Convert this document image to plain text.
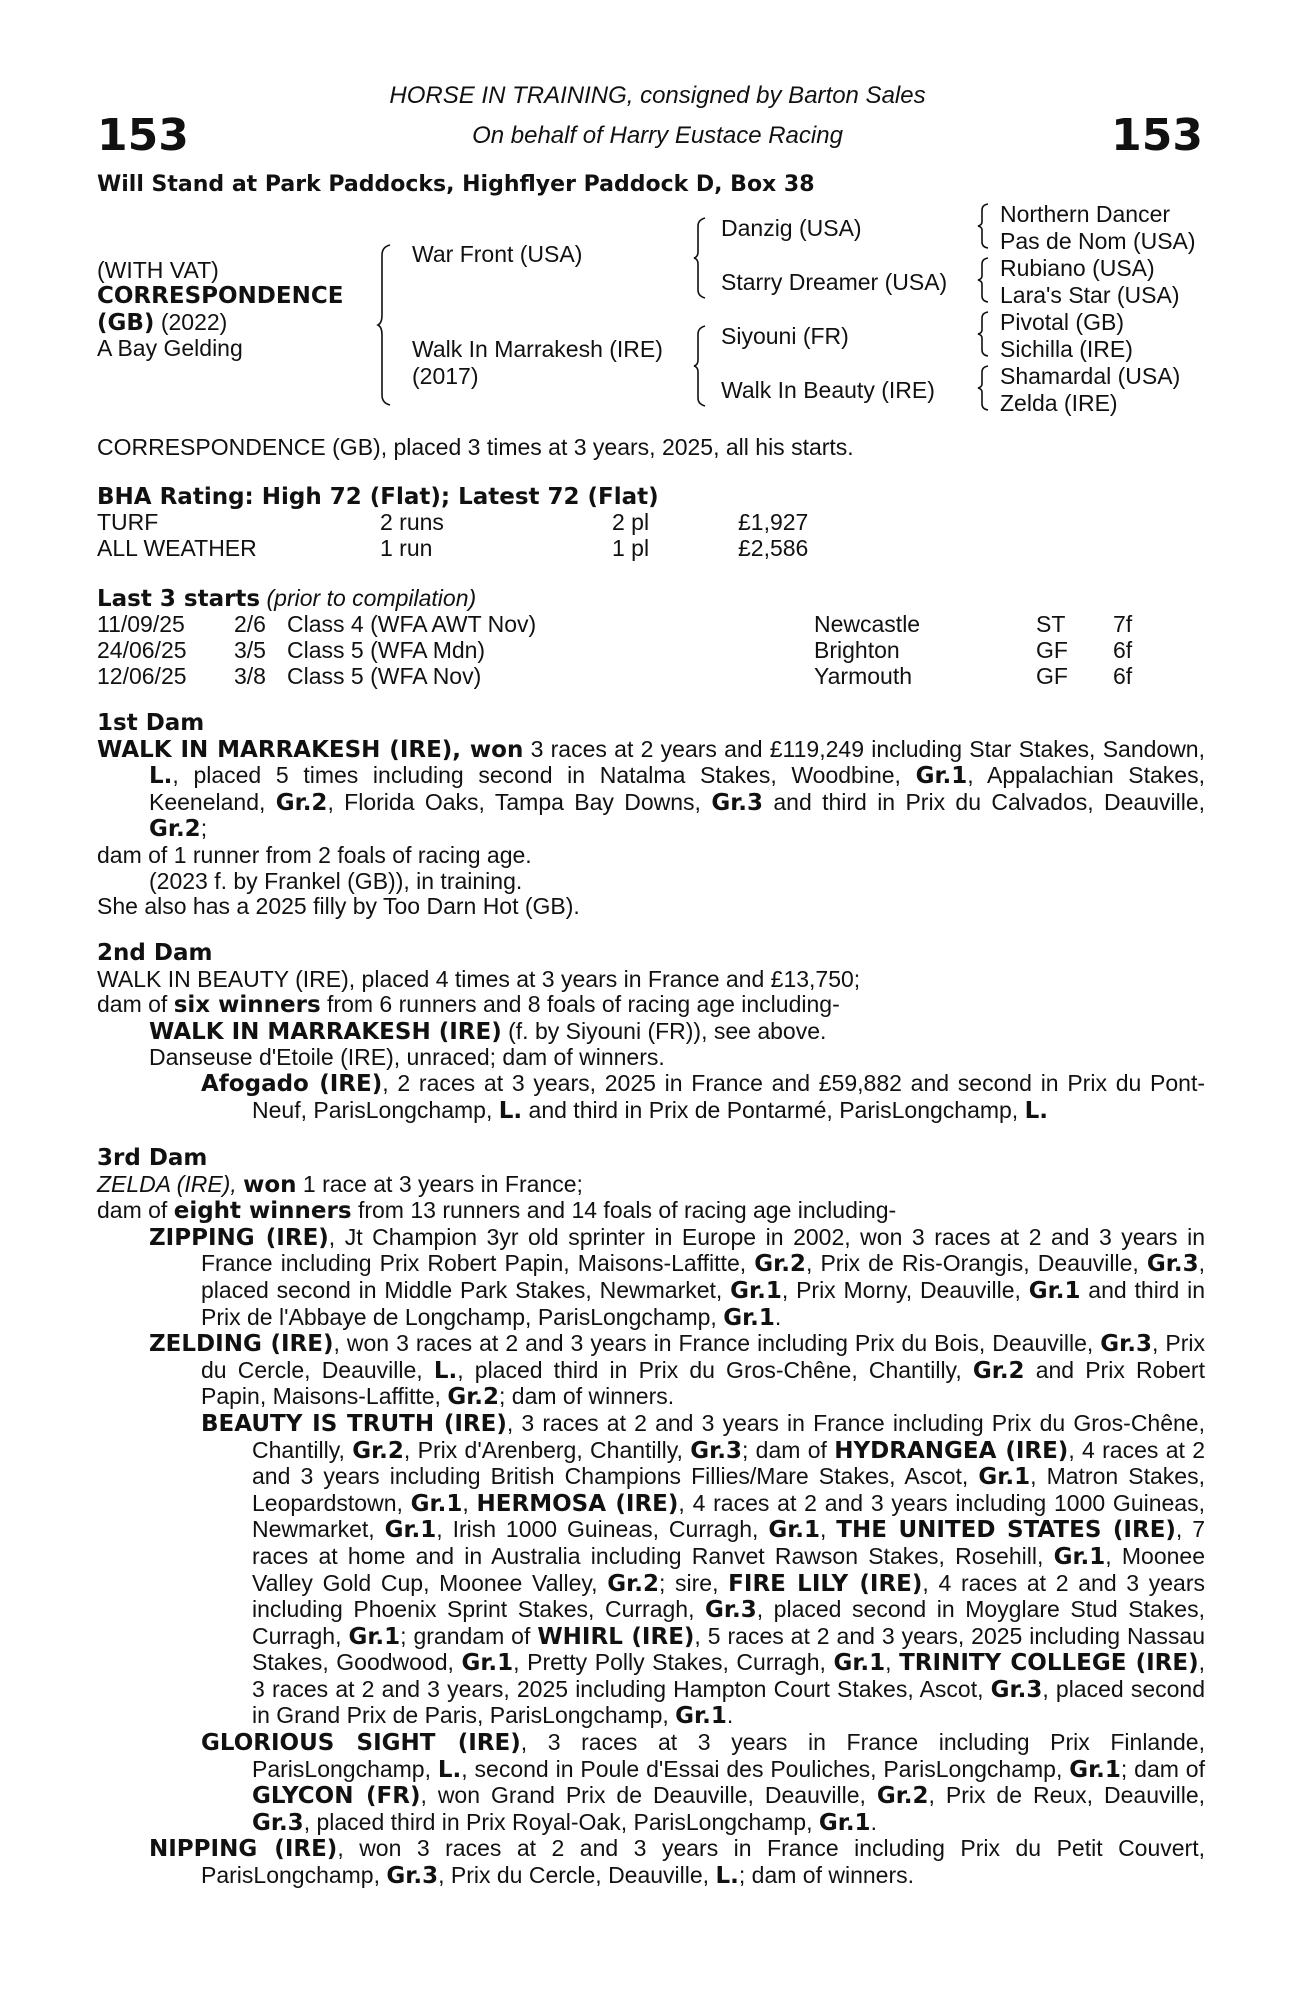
153	153
HORSE IN TRAINING, consigned by Barton Sales
On behalf of Harry Eustace Racing
Will Stand at Park Paddocks, Highflyer Paddock D, Box 38
(WITH VAT)
CORRESPONDENCE
(GB) (2022)
A Bay Gelding
War Front (USA)
Walk In Marrakesh (IRE)
(2017)
Danzig (USA)
Starry Dreamer (USA)
Siyouni (FR)
Walk In Beauty (IRE)
Northern Dancer
Pas de Nom (USA)
Rubiano (USA)
Lara's Star (USA)
Pivotal (GB)
Sichilla (IRE)
Shamardal (USA)
Zelda (IRE)
CORRESPONDENCE (GB), placed 3 times at 3 years, 2025, all his starts.
BHA Rating: High 72 (Flat); Latest 72 (Flat)
TURF	2 runs	2 pl	£1,927
ALL WEATHER	1 run	1 pl	£2,586
Last 3 starts (prior to compilation)
11/09/25	2/6	Class 4 (WFA AWT Nov)	Newcastle	ST	7f
24/06/25	3/5	Class 5 (WFA Mdn)	Brighton	GF	6f
12/06/25	3/8	Class 5 (WFA Nov)	Yarmouth	GF	6f

1st Dam

WALK IN MARRAKESH (IRE), won 3 races at 2 years and £119,249 including Star Stakes, Sandown, L., placed 5 times including second in Natalma Stakes, Woodbine, Gr.1, Appalachian Stakes, Keeneland, Gr.2, Florida Oaks, Tampa Bay Downs, Gr.3 and third in Prix du Calvados, Deauville, Gr.2;

dam of 1 runner from 2 foals of racing age.

(2023 f. by Frankel (GB)), in training.

She also has a 2025 filly by Too Darn Hot (GB).

2nd Dam

WALK IN BEAUTY (IRE), placed 4 times at 3 years in France and £13,750;

dam of six winners from 6 runners and 8 foals of racing age including-

WALK IN MARRAKESH (IRE) (f. by Siyouni (FR)), see above.

Danseuse d'Etoile (IRE), unraced; dam of winners.

Afogado (IRE), 2 races at 3 years, 2025 in France and £59,882 and second in Prix du Pont-Neuf, ParisLongchamp, L. and third in Prix de Pontarmé, ParisLongchamp, L.

3rd Dam

ZELDA (IRE), won 1 race at 3 years in France;

dam of eight winners from 13 runners and 14 foals of racing age including-

ZIPPING (IRE), Jt Champion 3yr old sprinter in Europe in 2002, won 3 races at 2 and 3 years in France including Prix Robert Papin, Maisons-Laffitte, Gr.2, Prix de Ris-Orangis, Deauville, Gr.3, placed second in Middle Park Stakes, Newmarket, Gr.1, Prix Morny, Deauville, Gr.1 and third in Prix de l'Abbaye de Longchamp, ParisLongchamp, Gr.1.

ZELDING (IRE), won 3 races at 2 and 3 years in France including Prix du Bois, Deauville, Gr.3, Prix du Cercle, Deauville, L., placed third in Prix du Gros-Chêne, Chantilly, Gr.2 and Prix Robert Papin, Maisons-Laffitte, Gr.2; dam of winners.

BEAUTY IS TRUTH (IRE), 3 races at 2 and 3 years in France including Prix du Gros-Chêne, Chantilly, Gr.2, Prix d'Arenberg, Chantilly, Gr.3; dam of HYDRANGEA (IRE), 4 races at 2 and 3 years including British Champions Fillies/Mare Stakes, Ascot, Gr.1, Matron Stakes, Leopardstown, Gr.1, HERMOSA (IRE), 4 races at 2 and 3 years including 1000 Guineas, Newmarket, Gr.1, Irish 1000 Guineas, Curragh, Gr.1, THE UNITED STATES (IRE), 7 races at home and in Australia including Ranvet Rawson Stakes, Rosehill, Gr.1, Moonee Valley Gold Cup, Moonee Valley, Gr.2; sire, FIRE LILY (IRE), 4 races at 2 and 3 years including Phoenix Sprint Stakes, Curragh, Gr.3, placed second in Moyglare Stud Stakes, Curragh, Gr.1; grandam of WHIRL (IRE), 5 races at 2 and 3 years, 2025 including Nassau Stakes, Goodwood, Gr.1, Pretty Polly Stakes, Curragh, Gr.1, TRINITY COLLEGE (IRE), 3 races at 2 and 3 years, 2025 including Hampton Court Stakes, Ascot, Gr.3, placed second in Grand Prix de Paris, ParisLongchamp, Gr.1.

GLORIOUS SIGHT (IRE), 3 races at 3 years in France including Prix Finlande, ParisLongchamp, L., second in Poule d'Essai des Pouliches, ParisLongchamp, Gr.1; dam of GLYCON (FR), won Grand Prix de Deauville, Deauville, Gr.2, Prix de Reux, Deauville, Gr.3, placed third in Prix Royal-Oak, ParisLongchamp, Gr.1.

NIPPING (IRE), won 3 races at 2 and 3 years in France including Prix du Petit Couvert, ParisLongchamp, Gr.3, Prix du Cercle, Deauville, L.; dam of winners.
